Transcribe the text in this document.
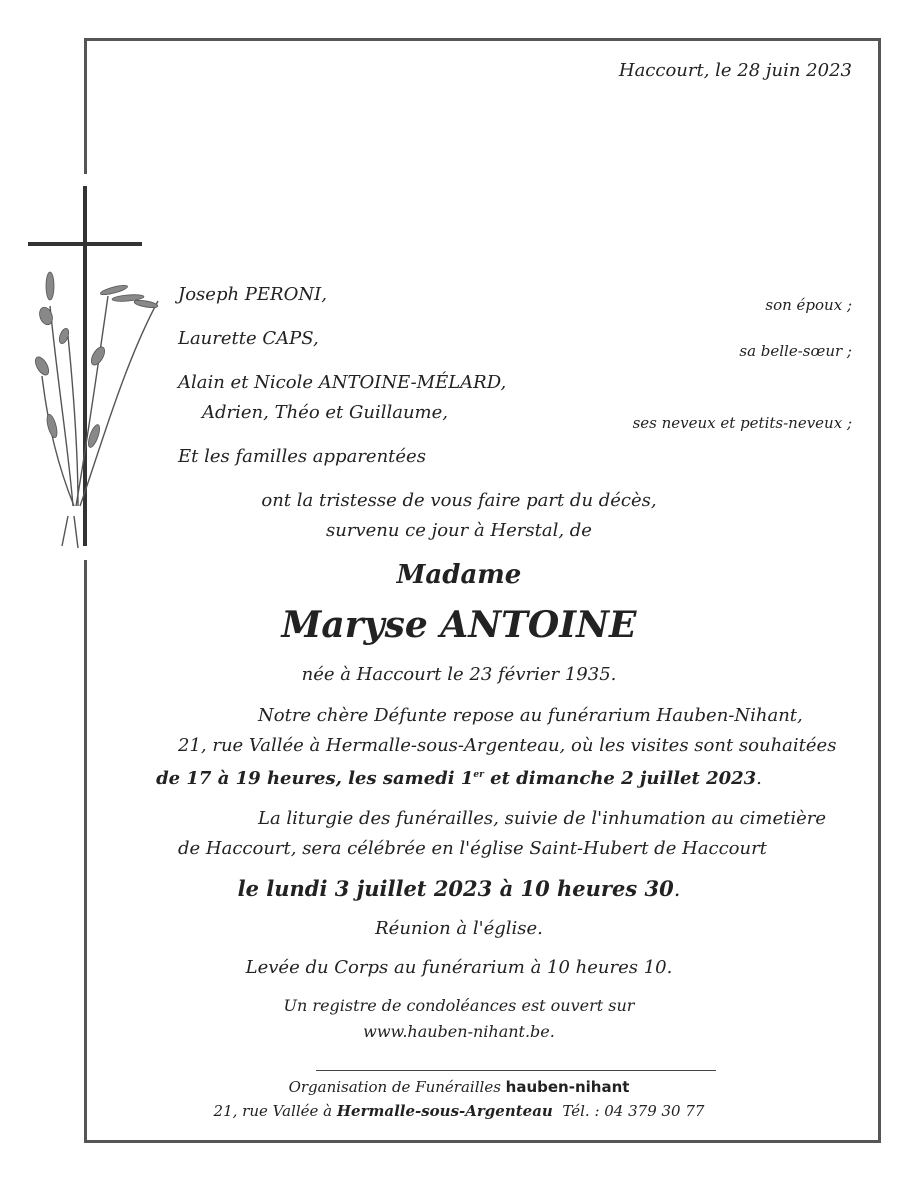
Haccourt, le 28 juin 2023

Joseph PERONI,	son époux ;

Laurette CAPS,

sa belle-sœur ;

Alain et Nicole ANTOINE-MÉLARD,

Adrien, Théo et Guillaume,	ses neveux et petits-neveux ;

Et les familles apparentées

ont la tristesse de vous faire part du décès,

survenu ce jour à Herstal, de

Madame

Maryse ANTOINE

née à Haccourt le 23 février 1935.

Notre chère Défunte repose au funérarium Hauben-Nihant,

21, rue Vallée à Hermalle-sous-Argenteau, où les visites sont souhaitées

de 17 à 19 heures, les samedi 1er et dimanche 2 juillet 2023.

La liturgie des funérailles, suivie de l'inhumation au cimetière

de Haccourt, sera célébrée en l'église Saint-Hubert de Haccourt

le lundi 3 juillet 2023 à 10 heures 30.

Réunion à l'église.

Levée du Corps au funérarium à 10 heures 10.

Un registre de condoléances est ouvert sur

www.hauben-nihant.be.

Organisation de Funérailles hauben-nihant

21, rue Vallée à Hermalle-sous-Argenteau Tél. : 04 379 30 77
